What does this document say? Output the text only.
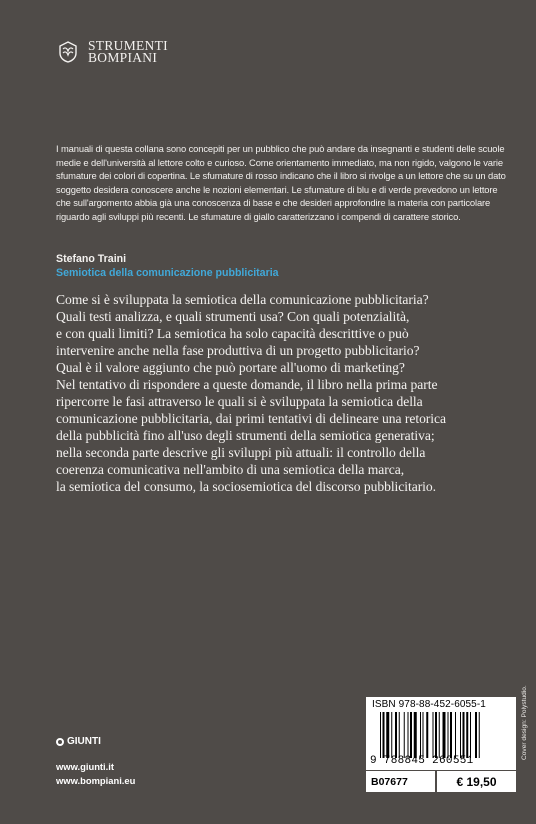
STRUMENTI
BOMPIANI
I manuali di questa collana sono concepiti per un pubblico che può andare da insegnanti e studenti delle scuole
medie e dell'università al lettore colto e curioso. Come orientamento immediato, ma non rigido, valgono le varie
sfumature dei colori di copertina. Le sfumature di rosso indicano che il libro si rivolge a un lettore che su un dato
soggetto desidera conoscere anche le nozioni elementari. Le sfumature di blu e di verde prevedono un lettore
che sull'argomento abbia già una conoscenza di base e che desideri approfondire la materia con particolare
riguardo agli sviluppi più recenti. Le sfumature di giallo caratterizzano i compendi di carattere storico.
Stefano Traini
Semiotica della comunicazione pubblicitaria
Come si è sviluppata la semiotica della comunicazione pubblicitaria?
Quali testi analizza, e quali strumenti usa? Con quali potenzialità,
e con quali limiti? La semiotica ha solo capacità descrittive o può
intervenire anche nella fase produttiva di un progetto pubblicitario?
Qual è il valore aggiunto che può portare all'uomo di marketing?
Nel tentativo di rispondere a queste domande, il libro nella prima parte
ripercorre le fasi attraverso le quali si è sviluppata la semiotica della
comunicazione pubblicitaria, dai primi tentativi di delineare una retorica
della pubblicità fino all'uso degli strumenti della semiotica generativa;
nella seconda parte descrive gli sviluppi più attuali: il controllo della
coerenza comunicativa nell'ambito di una semiotica della marca,
la semiotica del consumo, la sociosemiotica del discorso pubblicitario.
GIUNTI
www.giunti.it
www.bompiani.eu
ISBN 978-88-452-6055-1
9 788845 260551
B07677	€ 19,50
Cover design: Polystudio.
